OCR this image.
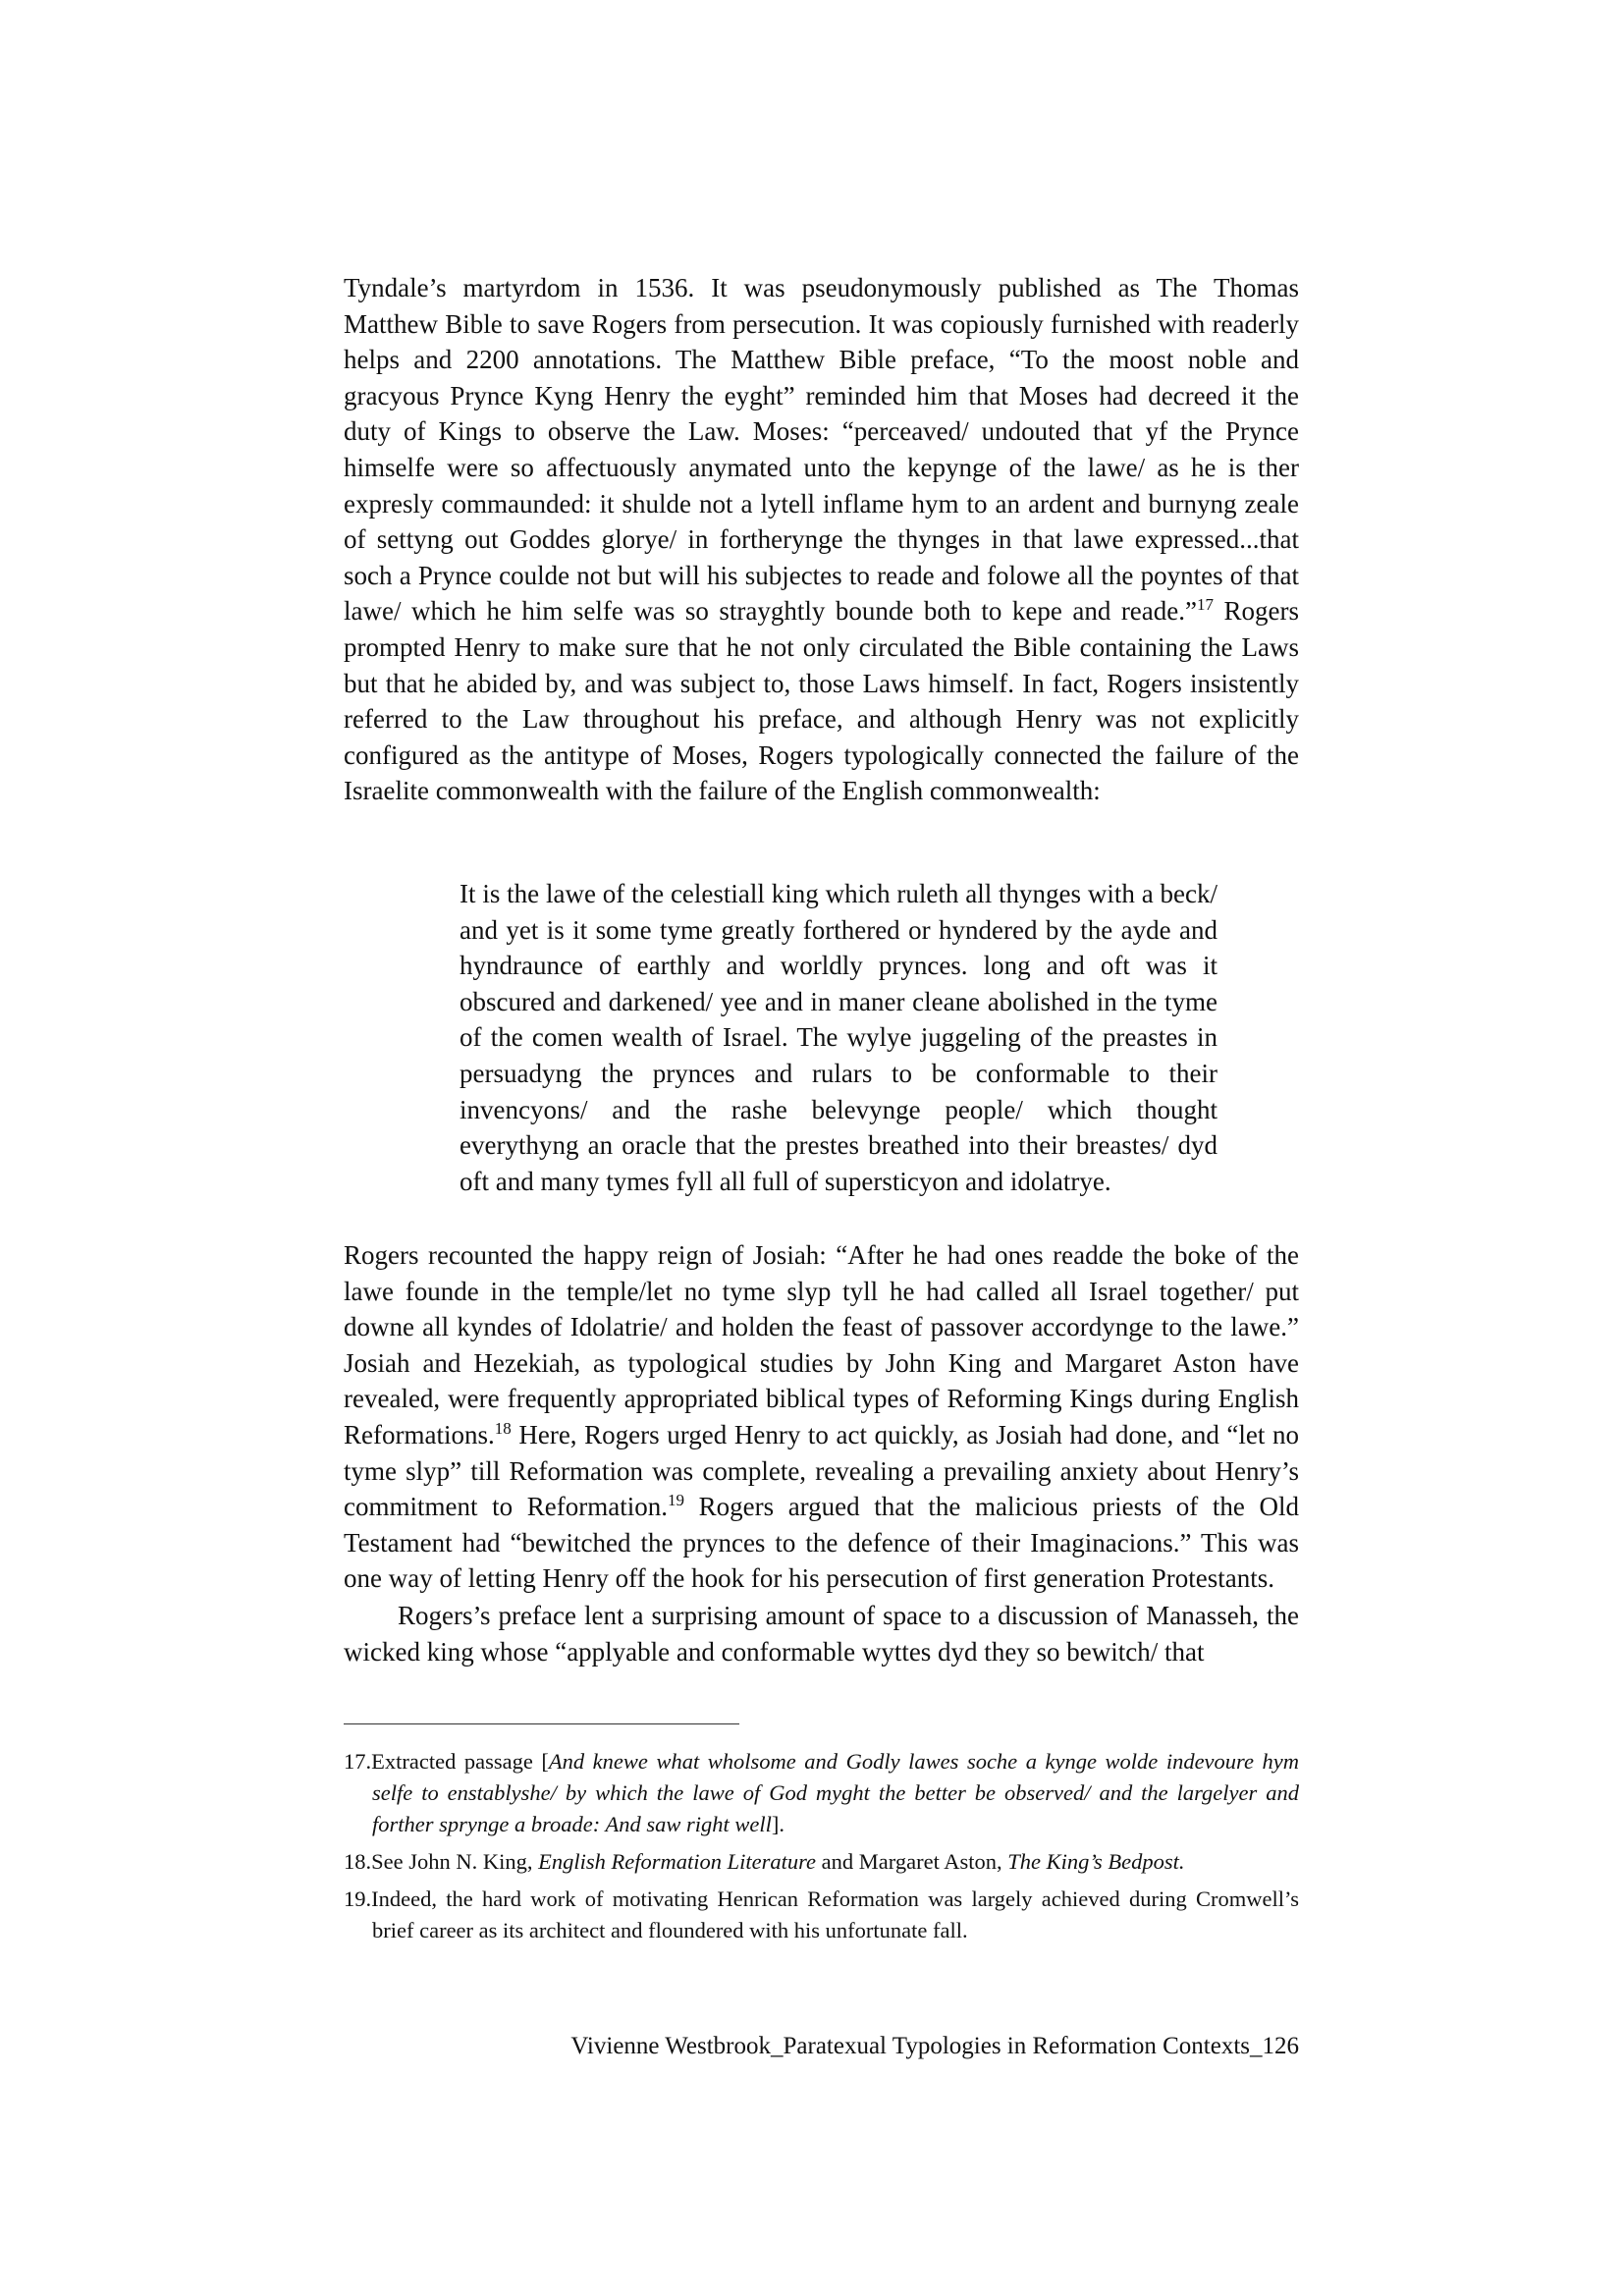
Tyndale’s martyrdom in 1536. It was pseudonymously published as The Thomas Matthew Bible to save Rogers from persecution. It was copiously furnished with readerly helps and 2200 annotations. The Matthew Bible preface, “To the moost noble and gracyous Prynce Kyng Henry the eyght” reminded him that Moses had decreed it the duty of Kings to observe the Law. Moses: “perceaved/ undouted that yf the Prynce himselfe were so affectuously anymated unto the kepynge of the lawe/ as he is ther expresly commaunded: it shulde not a lytell inflame hym to an ardent and burnyng zeale of settyng out Goddes glorye/ in fortherynge the thynges in that lawe expressed...that soch a Prynce coulde not but will his subjectes to reade and folowe all the poyntes of that lawe/ which he him selfe was so strayghtly bounde both to kepe and reade.”$^{17}$ Rogers prompted Henry to make sure that he not only circulated the Bible containing the Laws but that he abided by, and was subject to, those Laws himself. In fact, Rogers insistently referred to the Law throughout his preface, and although Henry was not explicitly configured as the antitype of Moses, Rogers typologically connected the failure of the Israelite commonwealth with the failure of the English commonwealth:

It is the lawe of the celestiall king which ruleth all thynges with a beck/ and yet is it some tyme greatly forthered or hyndered by the ayde and hyndraunce of earthly and worldly prynces. long and oft was it obscured and darkened/ yee and in maner cleane abolished in the tyme of the comen wealth of Israel. The wylye juggeling of the preastes in persuadyng the prynces and rulars to be conformable to their invencyons/ and the rashe belevynge people/ which thought everythyng an oracle that the prestes breathed into their breastes/ dyd oft and many tymes fyll all full of supersticyon and idolatrye.

Rogers recounted the happy reign of Josiah: “After he had ones readde the boke of the lawe founde in the temple/let no tyme slyp tyll he had called all Israel together/ put downe all kyndes of Idolatrie/ and holden the feast of passover accordynge to the lawe.” Josiah and Hezekiah, as typological studies by John King and Margaret Aston have revealed, were frequently appropriated biblical types of Reforming Kings during English Reformations.$^{18}$ Here, Rogers urged Henry to act quickly, as Josiah had done, and “let no tyme slyp” till Reformation was complete, revealing a prevailing anxiety about Henry’s commitment to Reformation.$^{19}$ Rogers argued that the malicious priests of the Old Testament had “bewitched the prynces to the defence of their Imaginacions.” This was one way of letting Henry off the hook for his persecution of first generation Protestants.

Rogers’s preface lent a surprising amount of space to a discussion of Manasseh, the wicked king whose “applyable and conformable wyttes dyd they so bewitch/ that

17.Extracted passage [And knewe what wholsome and Godly lawes soche a kynge wolde indevoure hym selfe to enstablyshe/ by which the lawe of God myght the better be observed/ and the largelyer and forther sprynge a broade: And saw right well].
18.See John N. King, English Reformation Literature and Margaret Aston, The King’s Bedpost.
19.Indeed, the hard work of motivating Henrican Reformation was largely achieved during Cromwell’s brief career as its architect and floundered with his unfortunate fall.
Vivienne Westbrook_Paratexual Typologies in Reformation Contexts_126
